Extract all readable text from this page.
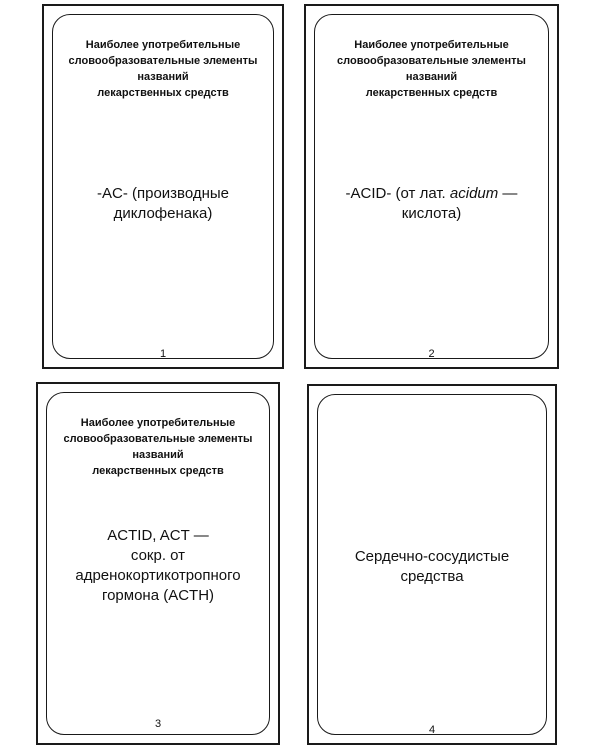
Наиболее употребительные
словообразовательные элементы названий
лекарственных средств
-AC- (производные диклофенака)
1
Наиболее употребительные
словообразовательные элементы названий
лекарственных средств
-ACID- (от лат. acidum — кислота)
2
Наиболее употребительные
словообразовательные элементы названий
лекарственных средств
ACTID, ACT —
сокр. от адренокортикотропного
гормона (ACTH)
3
Сердечно-сосудистые средства
4
